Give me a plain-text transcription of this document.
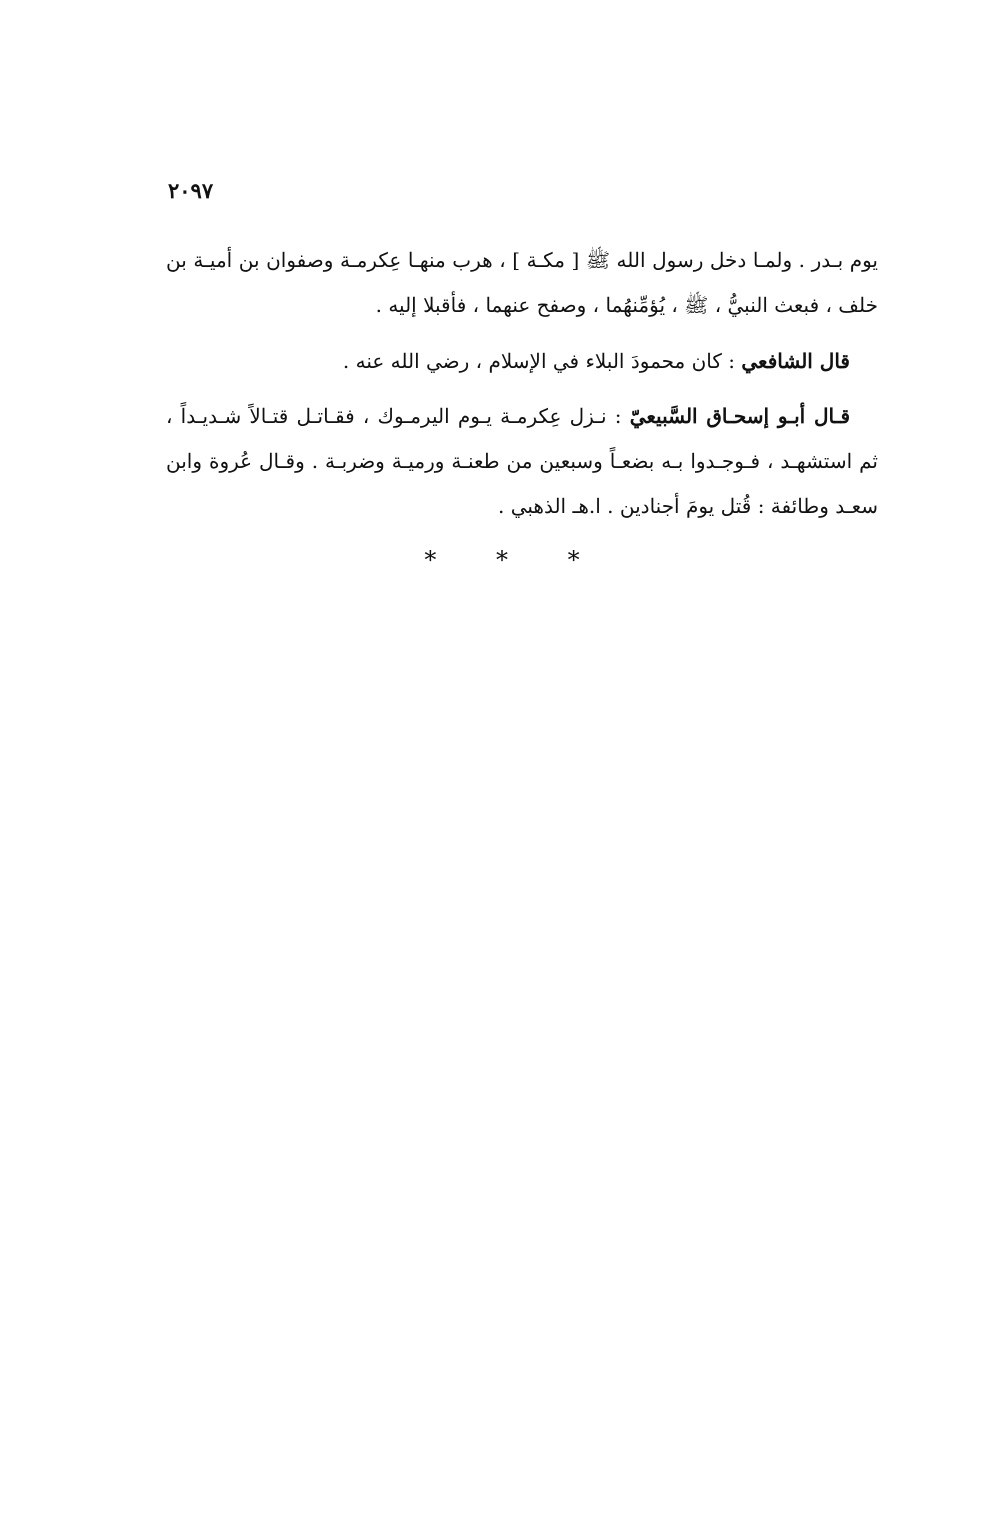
٢٠٩٧

يوم بـدر . ولمـا دخل رسول الله ﷺ [ مكـة ] ، هرب منهـا عِكرمـة وصفوان بن أميـة بن خلف ، فبعث النبيُّ ، ﷺ ، يُؤمِّنهُما ، وصفح عنهما ، فأقبلا إليه .

قال الشافعي : كان محمودَ البلاء في الإسلام ، رضي الله عنه .

قـال أبـو إسحـاق السَّبيعيّ : نـزل عِكرمـة يـوم اليرمـوك ، فقـاتـل قتـالاً شـديـداً ، ثم استشهـد ، فـوجـدوا بـه بضعـاً وسبعين من طعنـة ورميـة وضربـة . وقـال عُروة وابن سعـد وطائفة : قُتل يومَ أجنادين . ا.هـ الذهبي .

* * *
